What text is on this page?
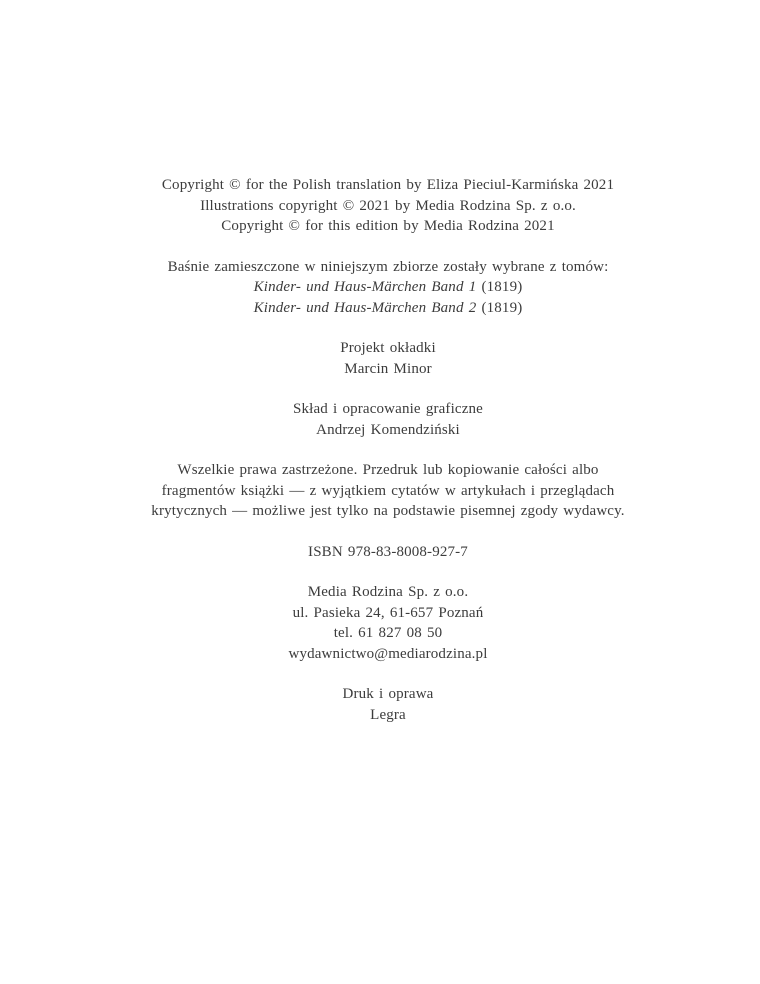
Copyright © for the Polish translation by Eliza Pieciul-Karmińska 2021
Illustrations copyright © 2021 by Media Rodzina Sp. z o.o.
Copyright © for this edition by Media Rodzina 2021
Baśnie zamieszczone w niniejszym zbiorze zostały wybrane z tomów:
Kinder- und Haus-Märchen Band 1 (1819)
Kinder- und Haus-Märchen Band 2 (1819)
Projekt okładki
Marcin Minor
Skład i opracowanie graficzne
Andrzej Komendziński
Wszelkie prawa zastrzeżone. Przedruk lub kopiowanie całości albo
fragmentów książki — z wyjątkiem cytatów w artykułach i przeglądach
krytycznych — możliwe jest tylko na podstawie pisemnej zgody wydawcy.
ISBN 978-83-8008-927-7
Media Rodzina Sp. z o.o.
ul. Pasieka 24, 61-657 Poznań
tel. 61 827 08 50
wydawnictwo@mediarodzina.pl
Druk i oprawa
Legra
